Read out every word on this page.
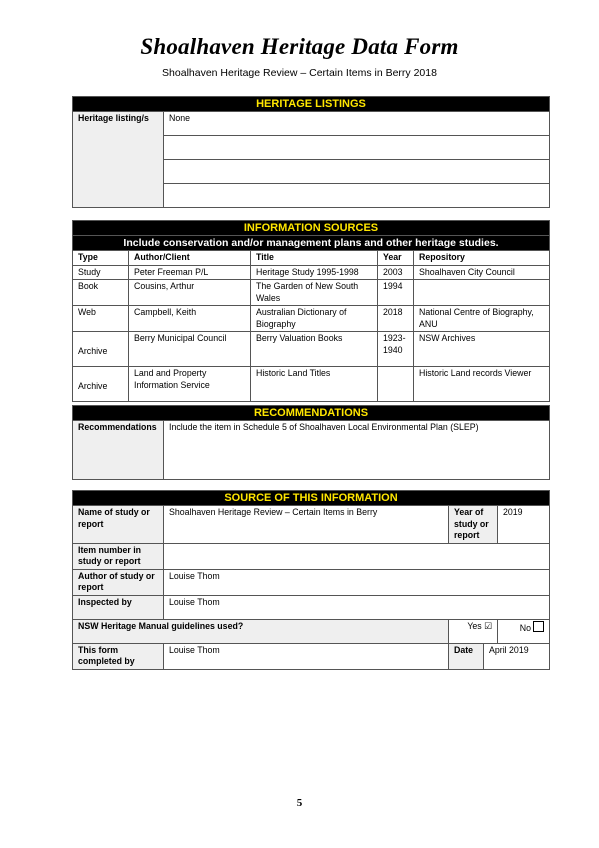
Shoalhaven Heritage Data Form
Shoalhaven Heritage Review – Certain Items in Berry 2018
HERITAGE LISTINGS
Heritage listing/s	None

INFORMATION SOURCES				
Include conservation and/or management plans and other heritage studies.				
Type	Author/Client	Title	Year	Repository
Study	Peter Freeman P/L	Heritage Study 1995-1998	2003	Shoalhaven City Council
Book	Cousins, Arthur	The Garden of New South Wales	1994	
Web	Campbell, Keith	Australian Dictionary of Biography	2018	National Centre of Biography, ANU
Archive	Berry Municipal Council	Berry Valuation Books	1923-1940	NSW Archives
Archive	Land and Property Information Service	Historic Land Titles		Historic Land records Viewer
RECOMMENDATIONS
Recommendations	Include the item in Schedule 5 of Shoalhaven Local Environmental Plan (SLEP)
SOURCE OF THIS INFORMATION				
Name of study or report	Shoalhaven Heritage Review – Certain Items in Berry	Year of study or report		2019
Item number in study or report				
Author of study or report	Louise Thom			
Inspected by	Louise Thom			
NSW Heritage Manual guidelines used?		Yes ☑		No
This form completed by	Louise Thom	Date	April 2019	
5
